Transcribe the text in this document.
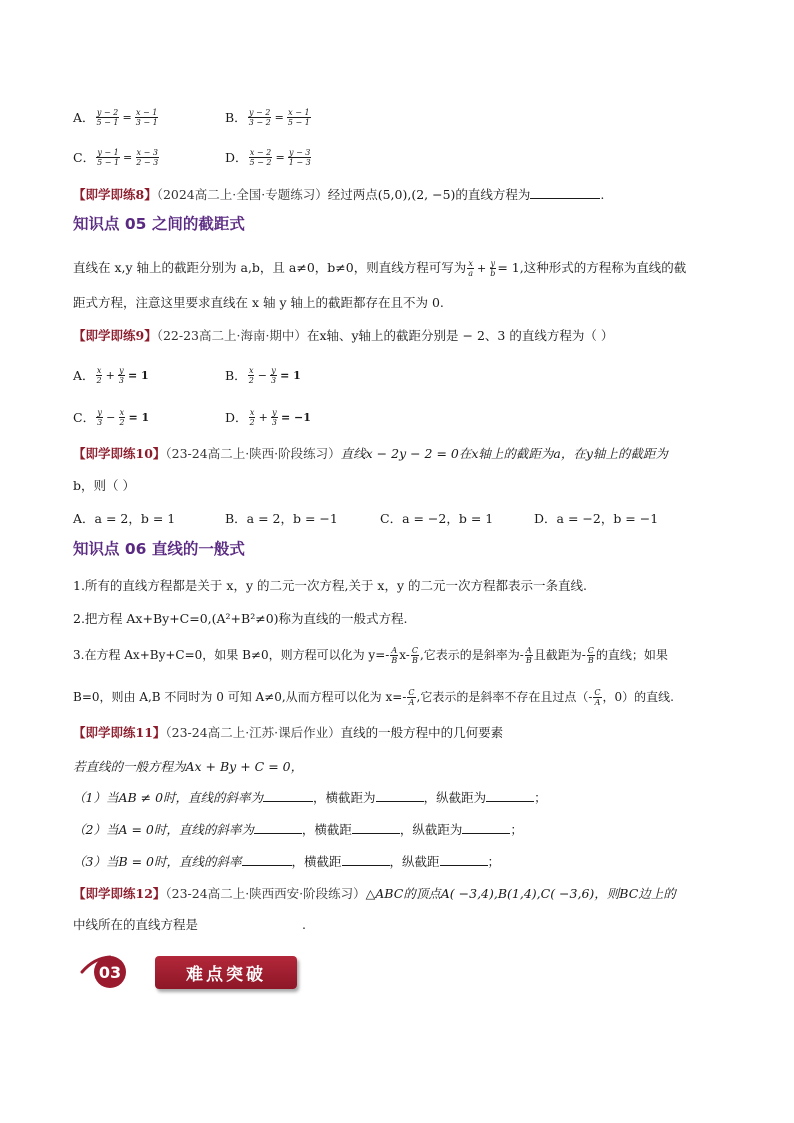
A． $\frac{y - 2}{5 - 1} = \frac{x - 1}{3 - 1}$	B． $\frac{y - 2}{3 - 2} = \frac{x - 1}{5 - 1}$
C． $\frac{y - 1}{5 - 1} = \frac{x - 3}{2 - 3}$	D． $\frac{x - 2}{5 - 2} = \frac{y - 3}{1 - 3}$
【即学即练8】（2024高二上·全国·专题练习）经过两点(5,0),(2, −5)的直线方程为	.
知识点 05 之间的截距式
直线在 x,y 轴上的截距分别为 a,b，且 a≠0，b≠0，则直线方程可写为 $\frac{x}{a} + \frac{y}{b} = 1$,这种形式的方程称为直线的截
距式方程，注意这里要求直线在 x 轴 y 轴上的截距都存在且不为 0.
【即学即练9】（22-23高二上·海南·期中）在x轴、y轴上的截距分别是 − 2、3 的直线方程为（ ）
A． $\frac{x}{2} + \frac{y}{3} = 1$	B． $\frac{x}{2} - \frac{y}{3} = 1$
C． $\frac{y}{3} - \frac{x}{2} = 1$	D． $\frac{x}{2} + \frac{y}{3} = -1$
【即学即练10】（23-24高二上·陕西·阶段练习）直线x − 2y − 2 = 0在x轴上的截距为a，在y轴上的截距为
b，则（ ）
A．a = 2，b = 1	B．a = 2，b = −1	C．a = −2，b = 1	D．a = −2，b = −1
知识点 06 直线的一般式
1.所有的直线方程都是关于 x，y 的二元一次方程,关于 x，y 的二元一次方程都表示一条直线.
2.把方程 Ax+By+C=0,(A²+B²≠0)称为直线的一般式方程.
3.在方程 Ax+By+C=0，如果 B≠0，则方程可以化为 $y=- \frac{A}{B} x- \frac{C}{B}$ ,它表示的是斜率为- $\frac{A}{B}$ 且截距为- $\frac{C}{B}$ 的直线；如果
B=0，则由 A,B 不同时为 0 可知 A≠0,从而方程可以化为 $x=- \frac{C}{A}$ ,它表示的是斜率不存在且过点（- $\frac{C}{A}$ ，0）的直线.
【即学即练11】（23-24高二上·江苏·课后作业）直线的一般方程中的几何要素
若直线的一般方程为Ax + By + C = 0，
（1）当AB ≠ 0时，直线的斜率为	，横截距为	，纵截距为	；
（2）当A = 0时，直线的斜率为	，横截距	，纵截距为	；
（3）当B = 0时，直线的斜率	，横截距	，纵截距	；
【即学即练12】（23-24高二上·陕西西安·阶段练习）△ABC的顶点A( −3,4),B(1,4),C( −3,6)，则BC边上的
中线所在的直线方程是	.
03	难点突破
